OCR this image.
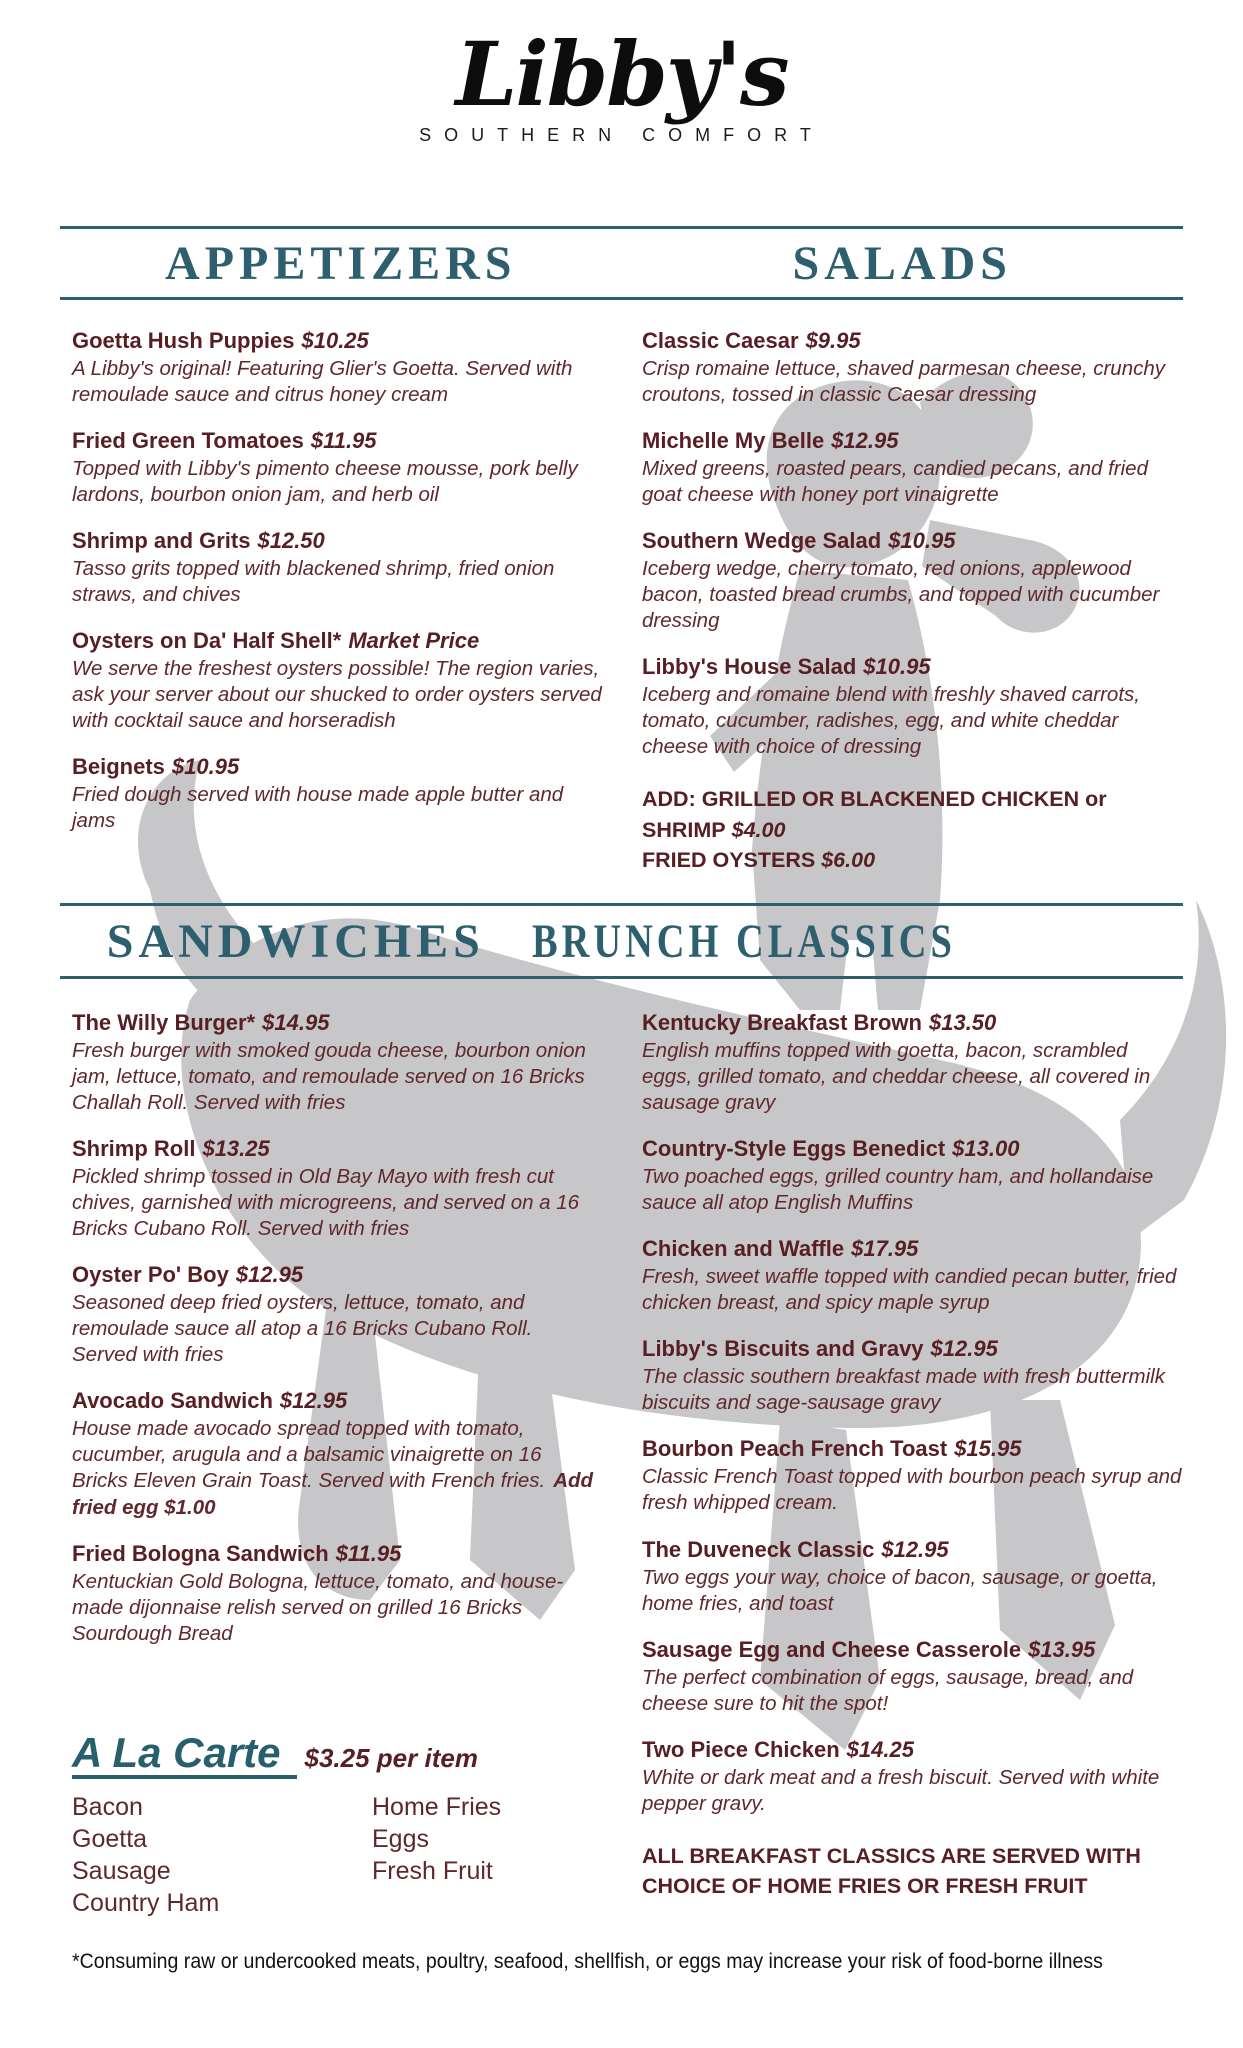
Libby's
SOUTHERN COMFORT
APPETIZERS	SALADS
Goetta Hush Puppies $10.25
A Libby's original! Featuring Glier's Goetta. Served with remoulade sauce and citrus honey cream
Fried Green Tomatoes $11.95
Topped with Libby's pimento cheese mousse, pork belly lardons, bourbon onion jam, and herb oil
Shrimp and Grits $12.50
Tasso grits topped with blackened shrimp, fried onion straws, and chives
Oysters on Da' Half Shell* Market Price
We serve the freshest oysters possible! The region varies, ask your server about our shucked to order oysters served with cocktail sauce and horseradish
Beignets $10.95
Fried dough served with house made apple butter and jams
Classic Caesar $9.95
Crisp romaine lettuce, shaved parmesan cheese, crunchy croutons, tossed in classic Caesar dressing
Michelle My Belle $12.95
Mixed greens, roasted pears, candied pecans, and fried goat cheese with honey port vinaigrette
Southern Wedge Salad $10.95
Iceberg wedge, cherry tomato, red onions, applewood bacon, toasted bread crumbs, and topped with cucumber dressing
Libby's House Salad $10.95
Iceberg and romaine blend with freshly shaved carrots, tomato, cucumber, radishes, egg, and white cheddar cheese with choice of dressing
ADD: GRILLED OR BLACKENED CHICKEN or SHRIMP $4.00
FRIED OYSTERS $6.00
SANDWICHES BRUNCH CLASSICS
The Willy Burger* $14.95
Fresh burger with smoked gouda cheese, bourbon onion jam, lettuce, tomato, and remoulade served on 16 Bricks Challah Roll. Served with fries
Shrimp Roll $13.25
Pickled shrimp tossed in Old Bay Mayo with fresh cut chives, garnished with microgreens, and served on a 16 Bricks Cubano Roll. Served with fries
Oyster Po' Boy $12.95
Seasoned deep fried oysters, lettuce, tomato, and remoulade sauce all atop a 16 Bricks Cubano Roll. Served with fries
Avocado Sandwich $12.95
House made avocado spread topped with tomato, cucumber, arugula and a balsamic vinaigrette on 16 Bricks Eleven Grain Toast. Served with French fries. Add fried egg $1.00
Fried Bologna Sandwich $11.95
Kentuckian Gold Bologna, lettuce, tomato, and house-made dijonnaise relish served on grilled 16 Bricks Sourdough Bread
A La Carte $3.25 per item
Bacon
Goetta
Sausage
Country Ham
Home Fries
Eggs
Fresh Fruit
Kentucky Breakfast Brown $13.50
English muffins topped with goetta, bacon, scrambled eggs, grilled tomato, and cheddar cheese, all covered in sausage gravy
Country-Style Eggs Benedict $13.00
Two poached eggs, grilled country ham, and hollandaise sauce all atop English Muffins
Chicken and Waffle $17.95
Fresh, sweet waffle topped with candied pecan butter, fried chicken breast, and spicy maple syrup
Libby's Biscuits and Gravy $12.95
The classic southern breakfast made with fresh buttermilk biscuits and sage-sausage gravy
Bourbon Peach French Toast $15.95
Classic French Toast topped with bourbon peach syrup and fresh whipped cream.
The Duveneck Classic $12.95
Two eggs your way, choice of bacon, sausage, or goetta, home fries, and toast
Sausage Egg and Cheese Casserole $13.95
The perfect combination of eggs, sausage, bread, and cheese sure to hit the spot!
Two Piece Chicken $14.25
White or dark meat and a fresh biscuit. Served with white pepper gravy.
ALL BREAKFAST CLASSICS ARE SERVED WITH CHOICE OF HOME FRIES OR FRESH FRUIT
*Consuming raw or undercooked meats, poultry, seafood, shellfish, or eggs may increase your risk of food-borne illness
